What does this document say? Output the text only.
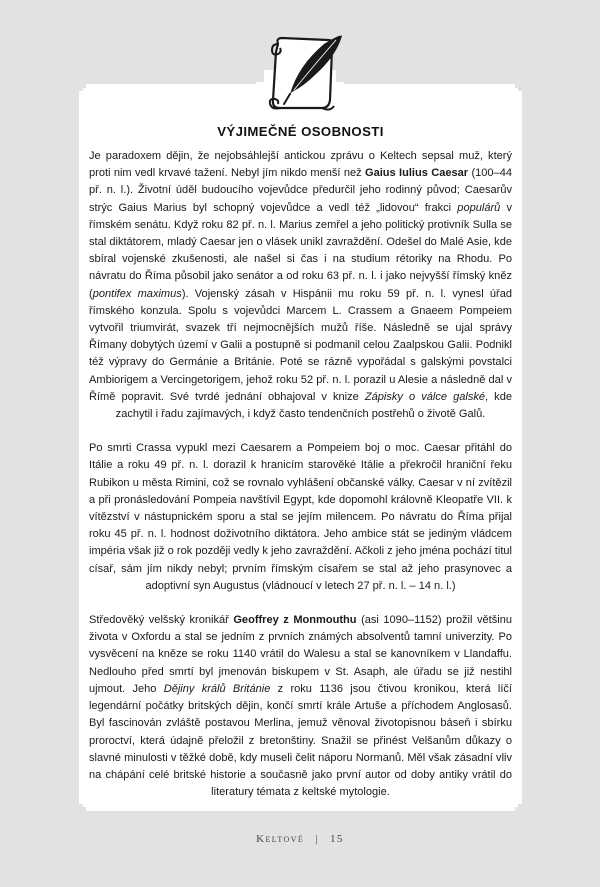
VÝJIMEČNÉ OSOBNOSTI

Je paradoxem dějin, že nejobsáhlejší antickou zprávu o Keltech sepsal muž, který proti nim vedl krvavé tažení. Nebyl jím nikdo menší než Gaius Iulius Caesar (100–44 př. n. l.). Životní úděl budoucího vojevůdce předurčil jeho rodinný původ; Caesarův strýc Gaius Marius byl schopný vojevůdce a vedl též „lidovou“ frakci populárů v římském senátu. Když roku 82 př. n. l. Marius zemřel a jeho politický protivník Sulla se stal diktátorem, mladý Caesar jen o vlásek unikl zavraždění. Odešel do Malé Asie, kde sbíral vojenské zkušenosti, ale našel si čas i na studium rétoriky na Rhodu. Po návratu do Říma působil jako senátor a od roku 63 př. n. l. i jako nejvyšší římský kněz (pontifex maximus). Vojenský zásah v Hispánii mu roku 59 př. n. l. vynesl úřad římského konzula. Spolu s vojevůdci Marcem L. Crassem a Gnaeem Pompeiem vytvořil triumvirát, svazek tří nejmocnějších mužů říše. Následně se ujal správy Římany dobytých území v Galii a postupně si podmanil celou Zaalpskou Galii. Podnikl též výpravy do Germánie a Británie. Poté se rázně vypořádal s galskými povstalci Ambiorigem a Vercingetorigem, jehož roku 52 př. n. l. porazil u Alesie a následně dal v Římě popravit. Své tvrdé jednání obhajoval v knize Zápisky o válce galské, kde zachytil i řadu zajímavých, i když často tendenčních postřehů o životě Galů.

Po smrti Crassa vypukl mezi Caesarem a Pompeiem boj o moc. Caesar přitáhl do Itálie a roku 49 př. n. l. dorazil k hranicím starověké Itálie a překročil hraniční řeku Rubikon u města Rimini, což se rovnalo vyhlášení občanské války. Caesar v ní zvítězil a při pronásledování Pompeia navštívil Egypt, kde dopomohl královně Kleopatře VII. k vítězství v nástupnickém sporu a stal se jejím milencem. Po návratu do Říma přijal roku 45 př. n. l. hodnost doživotního diktátora. Jeho ambice stát se jediným vládcem impéria však již o rok později vedly k jeho zavraždění. Ačkoli z jeho jména pochází titul císař, sám jím nikdy nebyl; prvním římským císařem se stal až jeho prasynovec a adoptivní syn Augustus (vládnoucí v letech 27 př. n. l. – 14 n. l.)

Středověký velšský kronikář Geoffrey z Monmouthu (asi 1090–1152) prožil většinu života v Oxfordu a stal se jedním z prvních známých absolventů tamní univerzity. Po vysvěcení na kněze se roku 1140 vrátil do Walesu a stal se kanovníkem v Llandaffu. Nedlouho před smrtí byl jmenován biskupem v St. Asaph, ale úřadu se již nestihl ujmout. Jeho Dějiny králů Británie z roku 1136 jsou čtivou kronikou, která líčí legendární počátky britských dějin, končí smrtí krále Artuše a příchodem Anglosasů. Byl fascinován zvláště postavou Merlina, jemuž věnoval životopisnou báseň i sbírku proroctví, která údajně přeložil z bretonštiny. Snažil se přinést Velšanům důkazy o slavné minulosti v těžké době, kdy museli čelit náporu Normanů. Měl však zásadní vliv na chápání celé britské historie a současně jako první autor od doby antiky vrátil do literatury témata z keltské mytologie.

Keltové | 15
